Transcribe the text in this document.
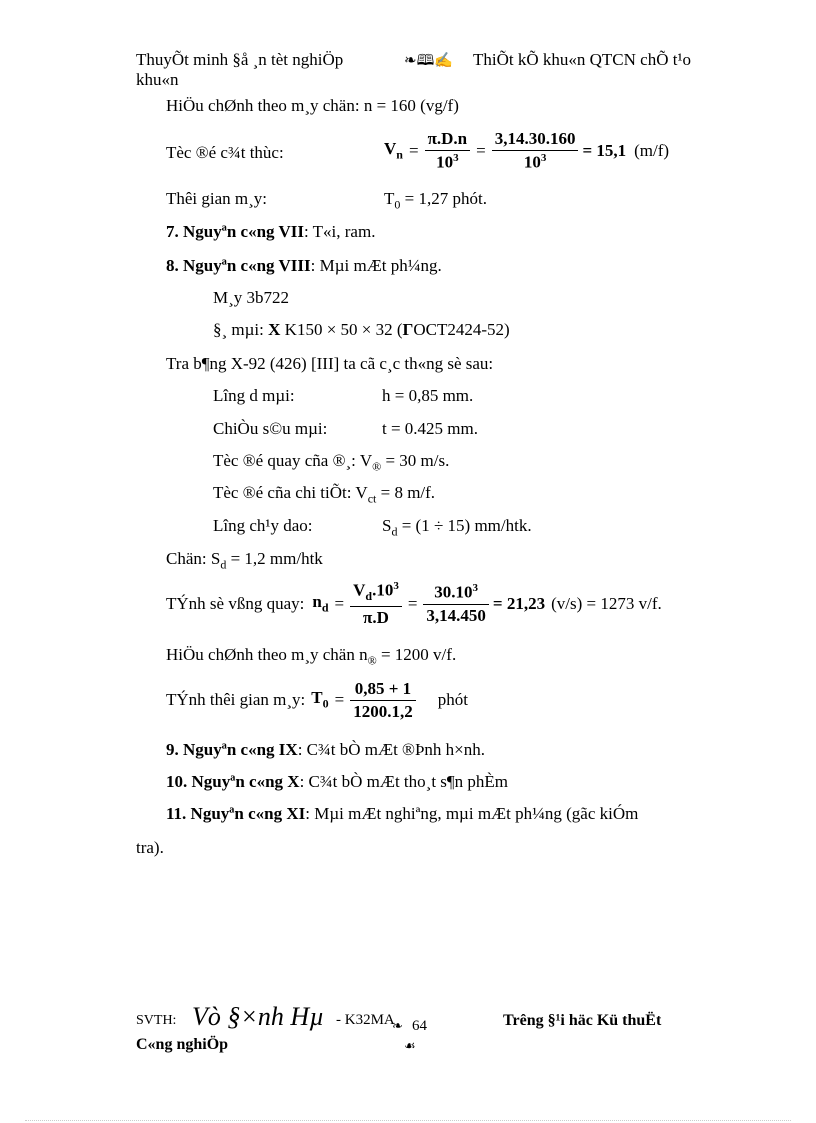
ThuyÕt minh §å ¸n tèt nghiÖp	❧🕮✍ ThiÕt kÕ khu«n QTCN chÕ t¹o
khu«n
HiÖu chØnh theo m¸y chän: n = 160 (vg/f)
Tèc ®é c¾t thùc:	$V_n = \frac{\pi.D.n}{10^3} = \frac{3,14.30.160}{10^3} = 15,1$ (m/f)
Thêi gian m¸y:	$T_0 = 1,27$ phót.
7. Nguyªn c«ng VII: T«i, ram.
8. Nguyªn c«ng VIII: Mµi mÆt ph¼ng.
M¸y 3b722
§¸ mµi: Χ K150 × 50 × 32 (ΓOCT2424-52)
Tra b¶ng X-92 (426) [III] ta cã c¸c th«ng sè sau:
Lîng d mµi:	h = 0,85 mm.
ChiÒu s©u mµi:	t = 0.425 mm.
Tèc ®é quay cña ®¸: $V_® = 30$ m/s.
Tèc ®é cña chi tiÕt: $V_{ct} = 8$ m/f.
Lîng ch¹y dao:	$S_d = (1 \div 15)$ mm/htk.
Chän: $S_d = 1,2$ mm/htk
TÝnh sè vßng quay: $n_d = \frac{V_d.10^3}{\pi.D} = \frac{30.10^3}{3,14.450} = 21,23$ (v/s) = 1273 v/f.
HiÖu chØnh theo m¸y chän $n_® = 1200$ v/f.
TÝnh thêi gian m¸y: $T_0 = \frac{0,85 + 1}{1200.1,2}$ phót
9. Nguyªn c«ng IX: C¾t bÒ mÆt ®Þnh h×nh.
10. Nguyªn c«ng X: C¾t bÒ mÆt tho¸t s¶n phÈm
11. Nguyªn c«ng XI: Mµi mÆt nghiªng, mµi mÆt ph¼ng (gãc kiÓm
tra).
SVTH: Vò §×nh Hµ - K32MA
❧ 64
☙
Trêng §¹i häc Kü thuËt
C«ng nghiÖp
